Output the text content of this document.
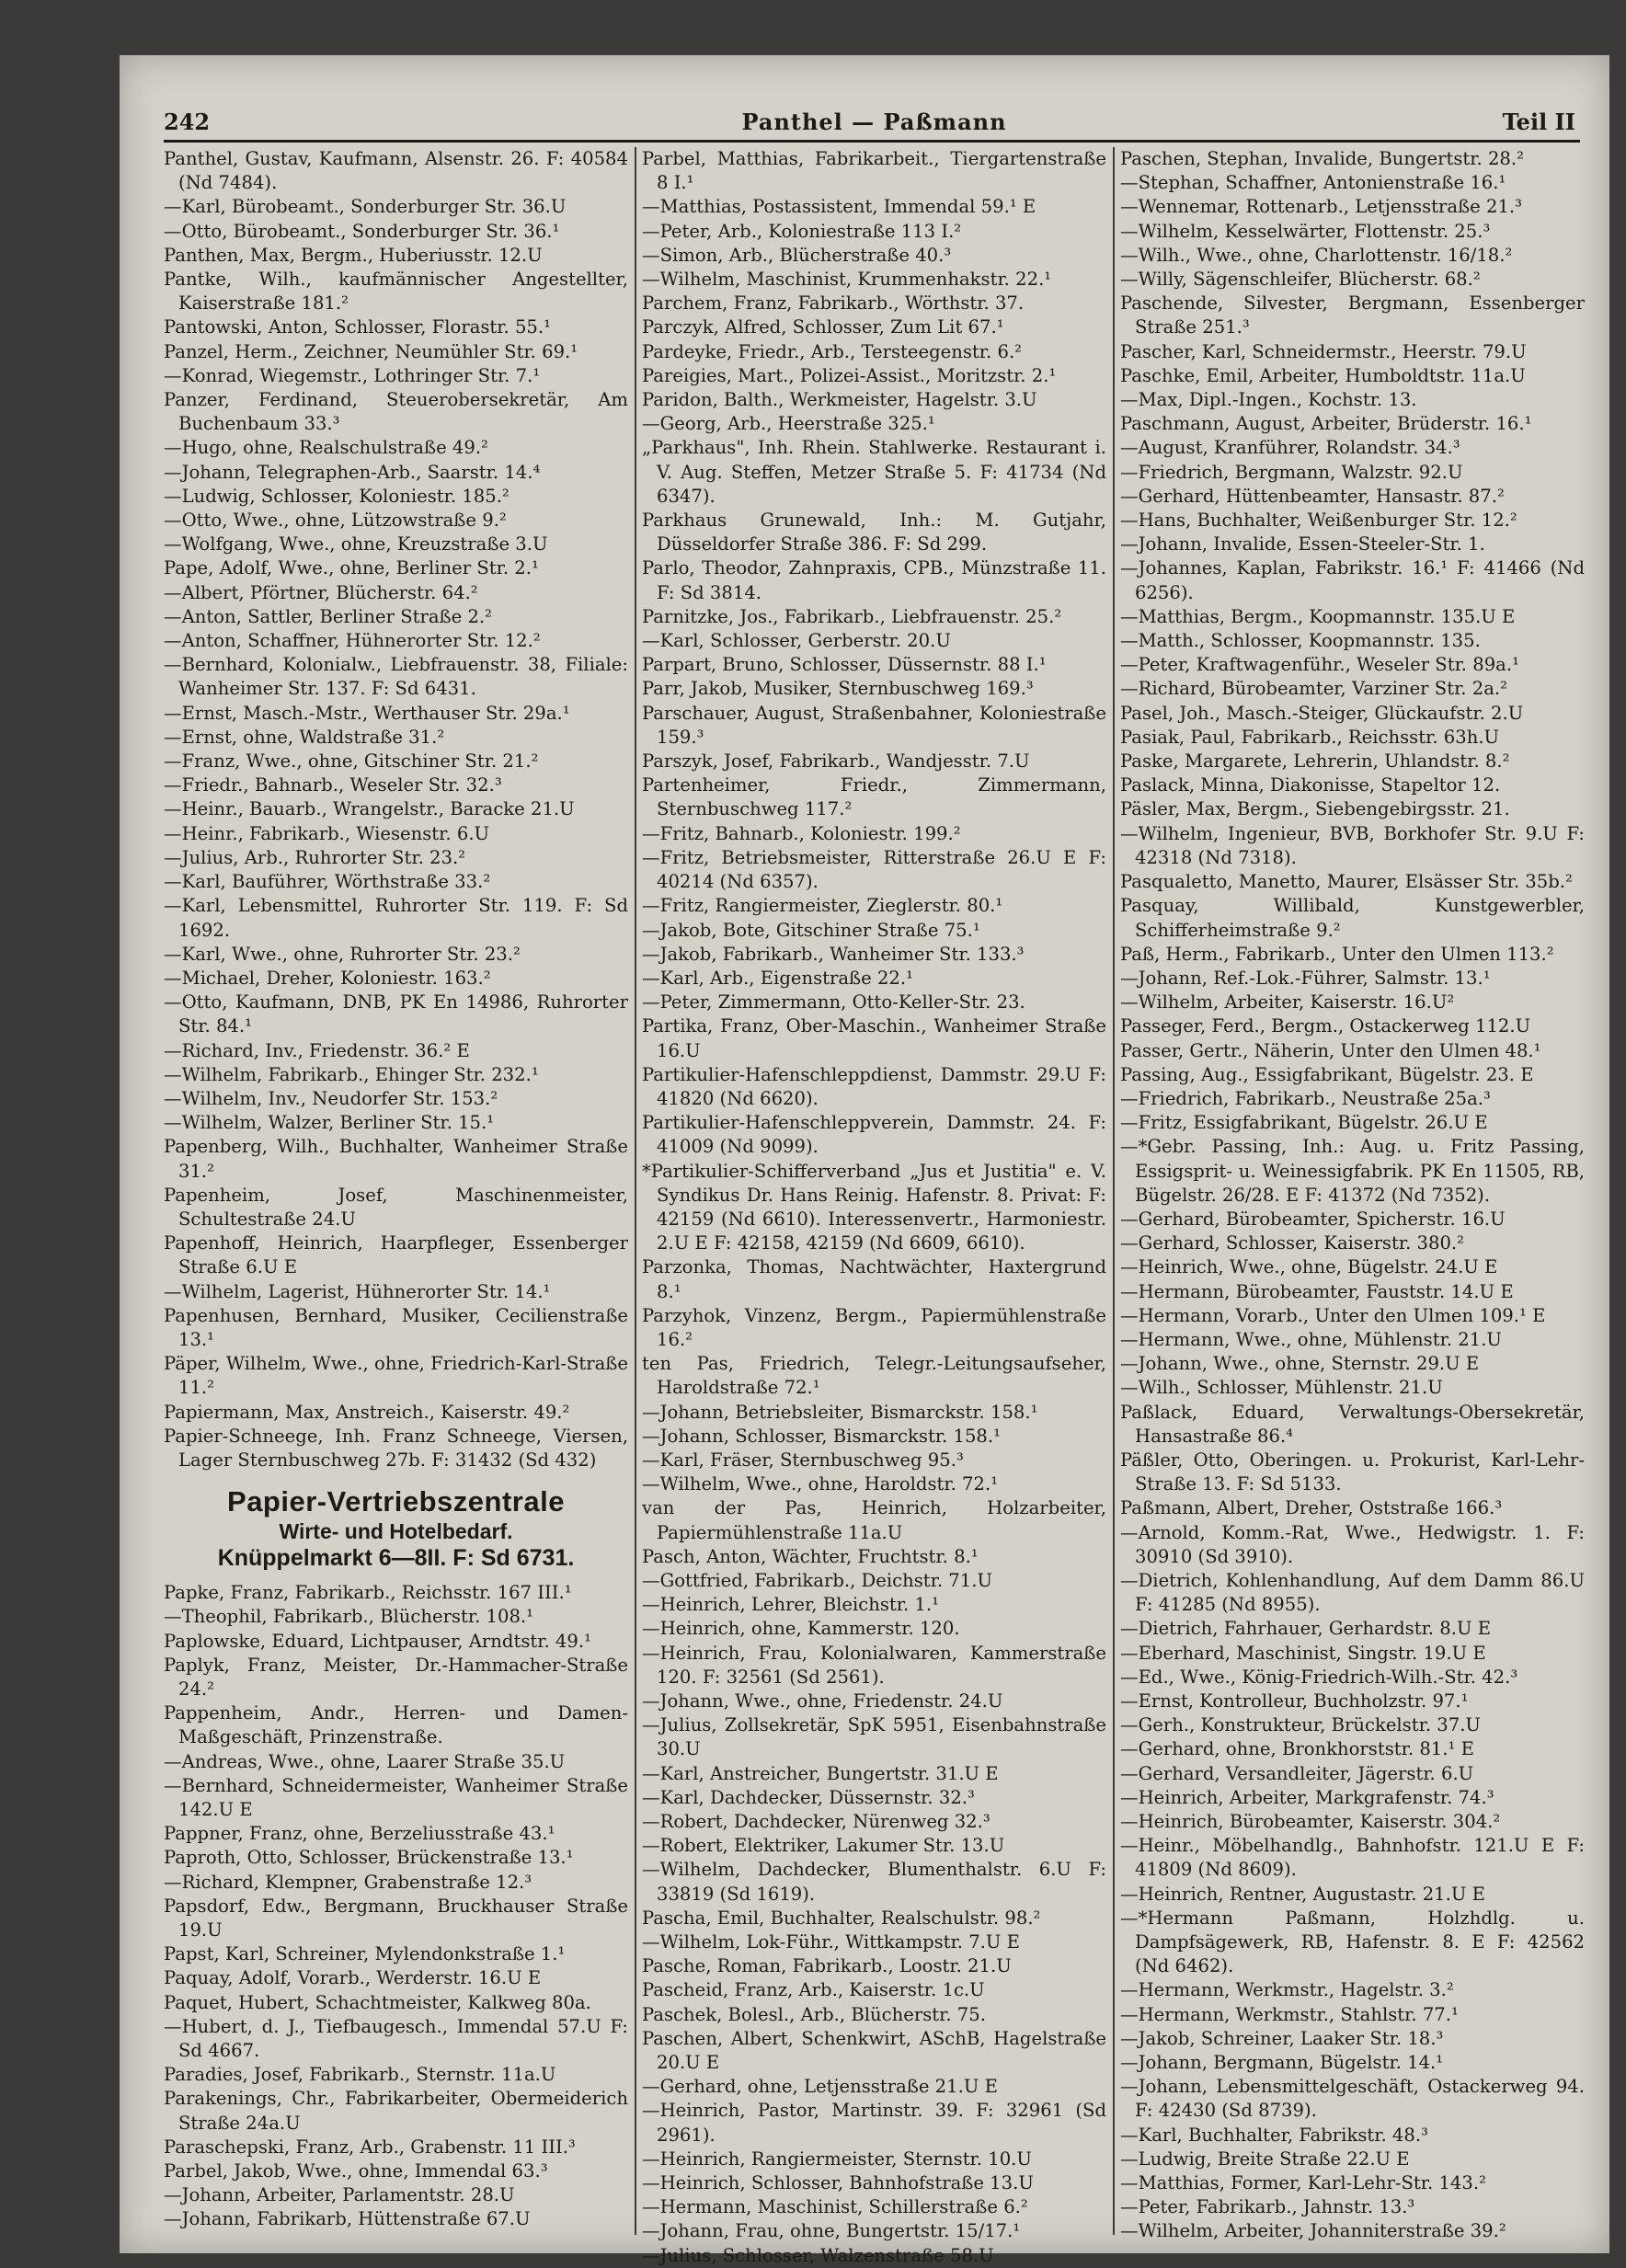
242	Panthel — Paßmann	Teil II

Panthel, Gustav, Kaufmann, Alsenstr. 26. F: 40584 (Nd 7484).

—Karl, Bürobeamt., Sonderburger Str. 36.U

—Otto, Bürobeamt., Sonderburger Str. 36.¹

Panthen, Max, Bergm., Huberiusstr. 12.U

Pantke, Wilh., kaufmännischer Angestellter, Kaiserstraße 181.²

Pantowski, Anton, Schlosser, Florastr. 55.¹

Panzel, Herm., Zeichner, Neumühler Str. 69.¹

—Konrad, Wiegemstr., Lothringer Str. 7.¹

Panzer, Ferdinand, Steuerobersekretär, Am Buchenbaum 33.³

—Hugo, ohne, Realschulstraße 49.²

—Johann, Telegraphen-Arb., Saarstr. 14.⁴

—Ludwig, Schlosser, Koloniestr. 185.²

—Otto, Wwe., ohne, Lützowstraße 9.²

—Wolfgang, Wwe., ohne, Kreuzstraße 3.U

Pape, Adolf, Wwe., ohne, Berliner Str. 2.¹

—Albert, Pförtner, Blücherstr. 64.²

—Anton, Sattler, Berliner Straße 2.²

—Anton, Schaffner, Hühnerorter Str. 12.²

—Bernhard, Kolonialw., Liebfrauenstr. 38, Filiale: Wanheimer Str. 137. F: Sd 6431.

—Ernst, Masch.-Mstr., Werthauser Str. 29a.¹

—Ernst, ohne, Waldstraße 31.²

—Franz, Wwe., ohne, Gitschiner Str. 21.²

—Friedr., Bahnarb., Weseler Str. 32.³

—Heinr., Bauarb., Wrangelstr., Baracke 21.U

—Heinr., Fabrikarb., Wiesenstr. 6.U

—Julius, Arb., Ruhrorter Str. 23.²

—Karl, Bauführer, Wörthstraße 33.²

—Karl, Lebensmittel, Ruhrorter Str. 119. F: Sd 1692.

—Karl, Wwe., ohne, Ruhrorter Str. 23.²

—Michael, Dreher, Koloniestr. 163.²

—Otto, Kaufmann, DNB, PK En 14986, Ruhrorter Str. 84.¹

—Richard, Inv., Friedenstr. 36.² E

—Wilhelm, Fabrikarb., Ehinger Str. 232.¹

—Wilhelm, Inv., Neudorfer Str. 153.²

—Wilhelm, Walzer, Berliner Str. 15.¹

Papenberg, Wilh., Buchhalter, Wanheimer Straße 31.²

Papenheim, Josef, Maschinenmeister, Schultestraße 24.U

Papenhoff, Heinrich, Haarpfleger, Essenberger Straße 6.U E

—Wilhelm, Lagerist, Hühnerorter Str. 14.¹

Papenhusen, Bernhard, Musiker, Cecilienstraße 13.¹

Päper, Wilhelm, Wwe., ohne, Friedrich-Karl-Straße 11.²

Papiermann, Max, Anstreich., Kaiserstr. 49.²

Papier-Schneege, Inh. Franz Schneege, Viersen, Lager Sternbuschweg 27b. F: 31432 (Sd 432)

Papier-Vertriebszentrale
Wirte- und Hotelbedarf.
Knüppelmarkt 6—8II. F: Sd 6731.

Papke, Franz, Fabrikarb., Reichsstr. 167 III.¹

—Theophil, Fabrikarb., Blücherstr. 108.¹

Paplowske, Eduard, Lichtpauser, Arndtstr. 49.¹

Paplyk, Franz, Meister, Dr.-Hammacher-Straße 24.²

Pappenheim, Andr., Herren- und Damen-Maßgeschäft, Prinzenstraße.

—Andreas, Wwe., ohne, Laarer Straße 35.U

—Bernhard, Schneidermeister, Wanheimer Straße 142.U E

Pappner, Franz, ohne, Berzeliusstraße 43.¹

Paproth, Otto, Schlosser, Brückenstraße 13.¹

—Richard, Klempner, Grabenstraße 12.³

Papsdorf, Edw., Bergmann, Bruckhauser Straße 19.U

Papst, Karl, Schreiner, Mylendonkstraße 1.¹

Paquay, Adolf, Vorarb., Werderstr. 16.U E

Paquet, Hubert, Schachtmeister, Kalkweg 80a.

—Hubert, d. J., Tiefbaugesch., Immendal 57.U F: Sd 4667.

Paradies, Josef, Fabrikarb., Sternstr. 11a.U

Parakenings, Chr., Fabrikarbeiter, Obermeiderich Straße 24a.U

Paraschepski, Franz, Arb., Grabenstr. 11 III.³

Parbel, Jakob, Wwe., ohne, Immendal 63.³

—Johann, Arbeiter, Parlamentstr. 28.U

—Johann, Fabrikarb, Hüttenstraße 67.U

Parbel, Matthias, Fabrikarbeit., Tiergartenstraße 8 I.¹

—Matthias, Postassistent, Immendal 59.¹ E

—Peter, Arb., Koloniestraße 113 I.²

—Simon, Arb., Blücherstraße 40.³

—Wilhelm, Maschinist, Krummenhakstr. 22.¹

Parchem, Franz, Fabrikarb., Wörthstr. 37.

Parczyk, Alfred, Schlosser, Zum Lit 67.¹

Pardeyke, Friedr., Arb., Tersteegenstr. 6.²

Pareigies, Mart., Polizei-Assist., Moritzstr. 2.¹

Paridon, Balth., Werkmeister, Hagelstr. 3.U

—Georg, Arb., Heerstraße 325.¹

„Parkhaus", Inh. Rhein. Stahlwerke. Restaurant i. V. Aug. Steffen, Metzer Straße 5. F: 41734 (Nd 6347).

Parkhaus Grunewald, Inh.: M. Gutjahr, Düsseldorfer Straße 386. F: Sd 299.

Parlo, Theodor, Zahnpraxis, CPB., Münzstraße 11. F: Sd 3814.

Parnitzke, Jos., Fabrikarb., Liebfrauenstr. 25.²

—Karl, Schlosser, Gerberstr. 20.U

Parpart, Bruno, Schlosser, Düssernstr. 88 I.¹

Parr, Jakob, Musiker, Sternbuschweg 169.³

Parschauer, August, Straßenbahner, Koloniestraße 159.³

Parszyk, Josef, Fabrikarb., Wandjesstr. 7.U

Partenheimer, Friedr., Zimmermann, Sternbuschweg 117.²

—Fritz, Bahnarb., Koloniestr. 199.²

—Fritz, Betriebsmeister, Ritterstraße 26.U E F: 40214 (Nd 6357).

—Fritz, Rangiermeister, Zieglerstr. 80.¹

—Jakob, Bote, Gitschiner Straße 75.¹

—Jakob, Fabrikarb., Wanheimer Str. 133.³

—Karl, Arb., Eigenstraße 22.¹

—Peter, Zimmermann, Otto-Keller-Str. 23.

Partika, Franz, Ober-Maschin., Wanheimer Straße 16.U

Partikulier-Hafenschleppdienst, Dammstr. 29.U F: 41820 (Nd 6620).

Partikulier-Hafenschleppverein, Dammstr. 24. F: 41009 (Nd 9099).

*Partikulier-Schifferverband „Jus et Justitia" e. V. Syndikus Dr. Hans Reinig. Hafenstr. 8. Privat: F: 42159 (Nd 6610). Interessenvertr., Harmoniestr. 2.U E F: 42158, 42159 (Nd 6609, 6610).

Parzonka, Thomas, Nachtwächter, Haxtergrund 8.¹

Parzyhok, Vinzenz, Bergm., Papiermühlenstraße 16.²

ten Pas, Friedrich, Telegr.-Leitungsaufseher, Haroldstraße 72.¹

—Johann, Betriebsleiter, Bismarckstr. 158.¹

—Johann, Schlosser, Bismarckstr. 158.¹

—Karl, Fräser, Sternbuschweg 95.³

—Wilhelm, Wwe., ohne, Haroldstr. 72.¹

van der Pas, Heinrich, Holzarbeiter, Papiermühlenstraße 11a.U

Pasch, Anton, Wächter, Fruchtstr. 8.¹

—Gottfried, Fabrikarb., Deichstr. 71.U

—Heinrich, Lehrer, Bleichstr. 1.¹

—Heinrich, ohne, Kammerstr. 120.

—Heinrich, Frau, Kolonialwaren, Kammerstraße 120. F: 32561 (Sd 2561).

—Johann, Wwe., ohne, Friedenstr. 24.U

—Julius, Zollsekretär, SpK 5951, Eisenbahnstraße 30.U

—Karl, Anstreicher, Bungertstr. 31.U E

—Karl, Dachdecker, Düssernstr. 32.³

—Robert, Dachdecker, Nürenweg 32.³

—Robert, Elektriker, Lakumer Str. 13.U

—Wilhelm, Dachdecker, Blumenthalstr. 6.U F: 33819 (Sd 1619).

Pascha, Emil, Buchhalter, Realschulstr. 98.²

—Wilhelm, Lok-Führ., Wittkampstr. 7.U E

Pasche, Roman, Fabrikarb., Loostr. 21.U

Pascheid, Franz, Arb., Kaiserstr. 1c.U

Paschek, Bolesl., Arb., Blücherstr. 75.

Paschen, Albert, Schenkwirt, ASchB, Hagelstraße 20.U E

—Gerhard, ohne, Letjensstraße 21.U E

—Heinrich, Pastor, Martinstr. 39. F: 32961 (Sd 2961).

—Heinrich, Rangiermeister, Sternstr. 10.U

—Heinrich, Schlosser, Bahnhofstraße 13.U

—Hermann, Maschinist, Schillerstraße 6.²

—Johann, Frau, ohne, Bungertstr. 15/17.¹

—Julius, Schlosser, Walzenstraße 58.U

Paschen, Stephan, Invalide, Bungertstr. 28.²

—Stephan, Schaffner, Antonienstraße 16.¹

—Wennemar, Rottenarb., Letjensstraße 21.³

—Wilhelm, Kesselwärter, Flottenstr. 25.³

—Wilh., Wwe., ohne, Charlottenstr. 16/18.²

—Willy, Sägenschleifer, Blücherstr. 68.²

Paschende, Silvester, Bergmann, Essenberger Straße 251.³

Pascher, Karl, Schneidermstr., Heerstr. 79.U

Paschke, Emil, Arbeiter, Humboldtstr. 11a.U

—Max, Dipl.-Ingen., Kochstr. 13.

Paschmann, August, Arbeiter, Brüderstr. 16.¹

—August, Kranführer, Rolandstr. 34.³

—Friedrich, Bergmann, Walzstr. 92.U

—Gerhard, Hüttenbeamter, Hansastr. 87.²

—Hans, Buchhalter, Weißenburger Str. 12.²

—Johann, Invalide, Essen-Steeler-Str. 1.

—Johannes, Kaplan, Fabrikstr. 16.¹ F: 41466 (Nd 6256).

—Matthias, Bergm., Koopmannstr. 135.U E

—Matth., Schlosser, Koopmannstr. 135.

—Peter, Kraftwagenführ., Weseler Str. 89a.¹

—Richard, Bürobeamter, Varziner Str. 2a.²

Pasel, Joh., Masch.-Steiger, Glückaufstr. 2.U

Pasiak, Paul, Fabrikarb., Reichsstr. 63h.U

Paske, Margarete, Lehrerin, Uhlandstr. 8.²

Paslack, Minna, Diakonisse, Stapeltor 12.

Päsler, Max, Bergm., Siebengebirgsstr. 21.

—Wilhelm, Ingenieur, BVB, Borkhofer Str. 9.U F: 42318 (Nd 7318).

Pasqualetto, Manetto, Maurer, Elsässer Str. 35b.²

Pasquay, Willibald, Kunstgewerbler, Schifferheimstraße 9.²

Paß, Herm., Fabrikarb., Unter den Ulmen 113.²

—Johann, Ref.-Lok.-Führer, Salmstr. 13.¹

—Wilhelm, Arbeiter, Kaiserstr. 16.U²

Passeger, Ferd., Bergm., Ostackerweg 112.U

Passer, Gertr., Näherin, Unter den Ulmen 48.¹

Passing, Aug., Essigfabrikant, Bügelstr. 23. E

—Friedrich, Fabrikarb., Neustraße 25a.³

—Fritz, Essigfabrikant, Bügelstr. 26.U E

—*Gebr. Passing, Inh.: Aug. u. Fritz Passing, Essigsprit- u. Weinessigfabrik. PK En 11505, RB, Bügelstr. 26/28. E F: 41372 (Nd 7352).

—Gerhard, Bürobeamter, Spicherstr. 16.U

—Gerhard, Schlosser, Kaiserstr. 380.²

—Heinrich, Wwe., ohne, Bügelstr. 24.U E

—Hermann, Bürobeamter, Fauststr. 14.U E

—Hermann, Vorarb., Unter den Ulmen 109.¹ E

—Hermann, Wwe., ohne, Mühlenstr. 21.U

—Johann, Wwe., ohne, Sternstr. 29.U E

—Wilh., Schlosser, Mühlenstr. 21.U

Paßlack, Eduard, Verwaltungs-Obersekretär, Hansastraße 86.⁴

Päßler, Otto, Oberingen. u. Prokurist, Karl-Lehr-Straße 13. F: Sd 5133.

Paßmann, Albert, Dreher, Oststraße 166.³

—Arnold, Komm.-Rat, Wwe., Hedwigstr. 1. F: 30910 (Sd 3910).

—Dietrich, Kohlenhandlung, Auf dem Damm 86.U F: 41285 (Nd 8955).

—Dietrich, Fahrhauer, Gerhardstr. 8.U E

—Eberhard, Maschinist, Singstr. 19.U E

—Ed., Wwe., König-Friedrich-Wilh.-Str. 42.³

—Ernst, Kontrolleur, Buchholzstr. 97.¹

—Gerh., Konstrukteur, Brückelstr. 37.U

—Gerhard, ohne, Bronkhorststr. 81.¹ E

—Gerhard, Versandleiter, Jägerstr. 6.U

—Heinrich, Arbeiter, Markgrafenstr. 74.³

—Heinrich, Bürobeamter, Kaiserstr. 304.²

—Heinr., Möbelhandlg., Bahnhofstr. 121.U E F: 41809 (Nd 8609).

—Heinrich, Rentner, Augustastr. 21.U E

—*Hermann Paßmann, Holzhdlg. u. Dampfsägewerk, RB, Hafenstr. 8. E F: 42562 (Nd 6462).

—Hermann, Werkmstr., Hagelstr. 3.²

—Hermann, Werkmstr., Stahlstr. 77.¹

—Jakob, Schreiner, Laaker Str. 18.³

—Johann, Bergmann, Bügelstr. 14.¹

—Johann, Lebensmittelgeschäft, Ostackerweg 94. F: 42430 (Sd 8739).

—Karl, Buchhalter, Fabrikstr. 48.³

—Ludwig, Breite Straße 22.U E

—Matthias, Former, Karl-Lehr-Str. 143.²

—Peter, Fabrikarb., Jahnstr. 13.³

—Wilhelm, Arbeiter, Johanniterstraße 39.²
